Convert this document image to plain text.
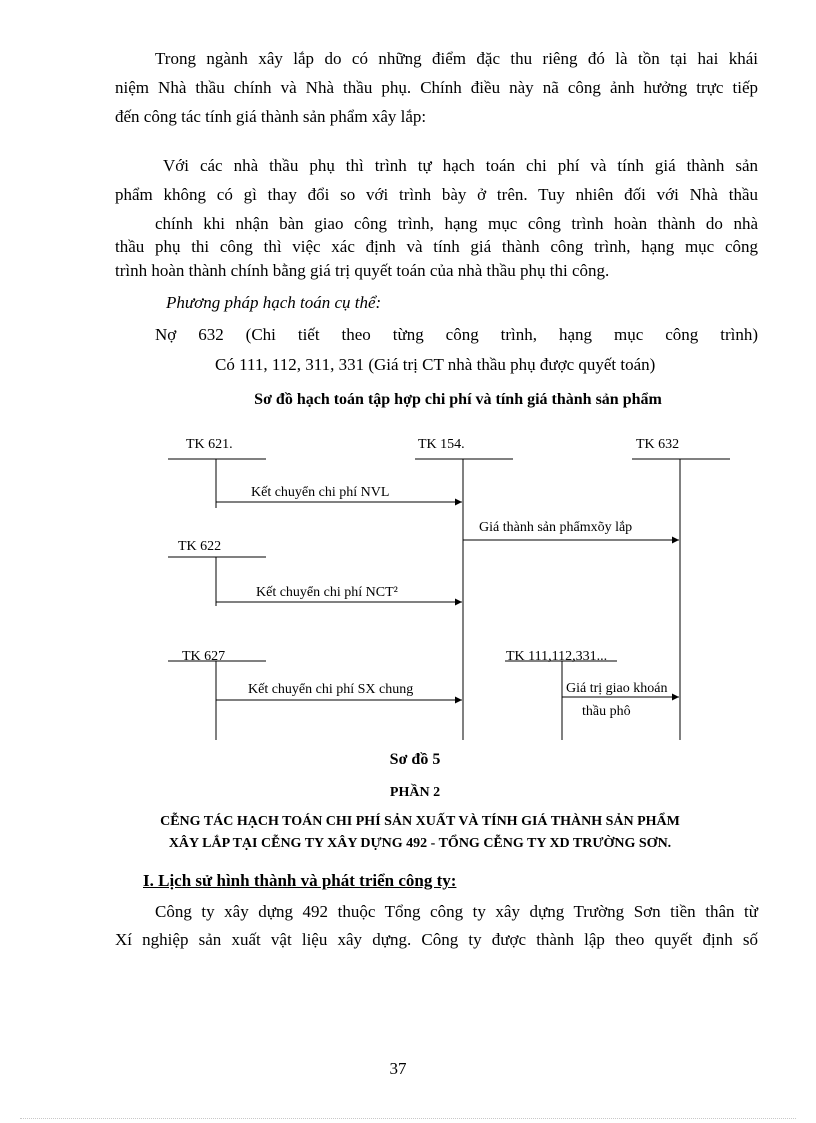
Trong ngành xây lắp do có những điểm đặc thu riêng đó là tồn tại hai khái

niệm Nhà thầu chính và Nhà thầu phụ. Chính điều này nã công ảnh hưởng trực tiếp

đến công tác tính giá thành sản phẩm xây lắp:

Với các nhà thầu phụ thì trình tự hạch toán chi phí và tính giá thành sản

phẩm không có gì thay đổi so với trình bày ở trên. Tuy nhiên đối với Nhà thầu

chính khi nhận bàn giao công trình, hạng mục công trình hoàn thành do nhà

thầu phụ thi công thì việc xác định và tính giá thành công trình, hạng mục công

trình hoàn thành chính bằng giá trị quyết toán của nhà thầu phụ thi công.

Phương pháp hạch toán cụ thể:

Nợ 632 (Chi tiết theo từng công trình, hạng mục công trình)

Có 111, 112, 311, 331 (Giá trị CT nhà thầu phụ được quyết toán)

Sơ đồ hạch toán tập hợp chi phí và tính giá thành sản phẩm

TK 621.	TK 154.	TK 632
TK 622
TK 627	TK 111,112,331...
Kết chuyển chi phí NVL
Giá thành sản phẩmxõy lắp
Kết chuyển chi phí NCT²
Kết chuyển chi phí SX chung	Giá trị giao khoán
thầu phô

Sơ đồ 5

PHẦN 2

CỄNG TÁC HẠCH TOÁN CHI PHÍ SẢN XUẤT VÀ TÍNH GIÁ THÀNH SẢN PHẨM

XÂY LẮP TẠI CỄNG TY XÂY DỰNG 492 - TỔNG CỄNG TY XD TRƯỜNG SƠN.

I. Lịch sử hình thành và phát triển công ty:

Công ty xây dựng 492 thuộc Tổng công ty xây dựng Trường Sơn tiền thân từ

Xí nghiệp sản xuất vật liệu xây dựng. Công ty được thành lập theo quyết định số

37
